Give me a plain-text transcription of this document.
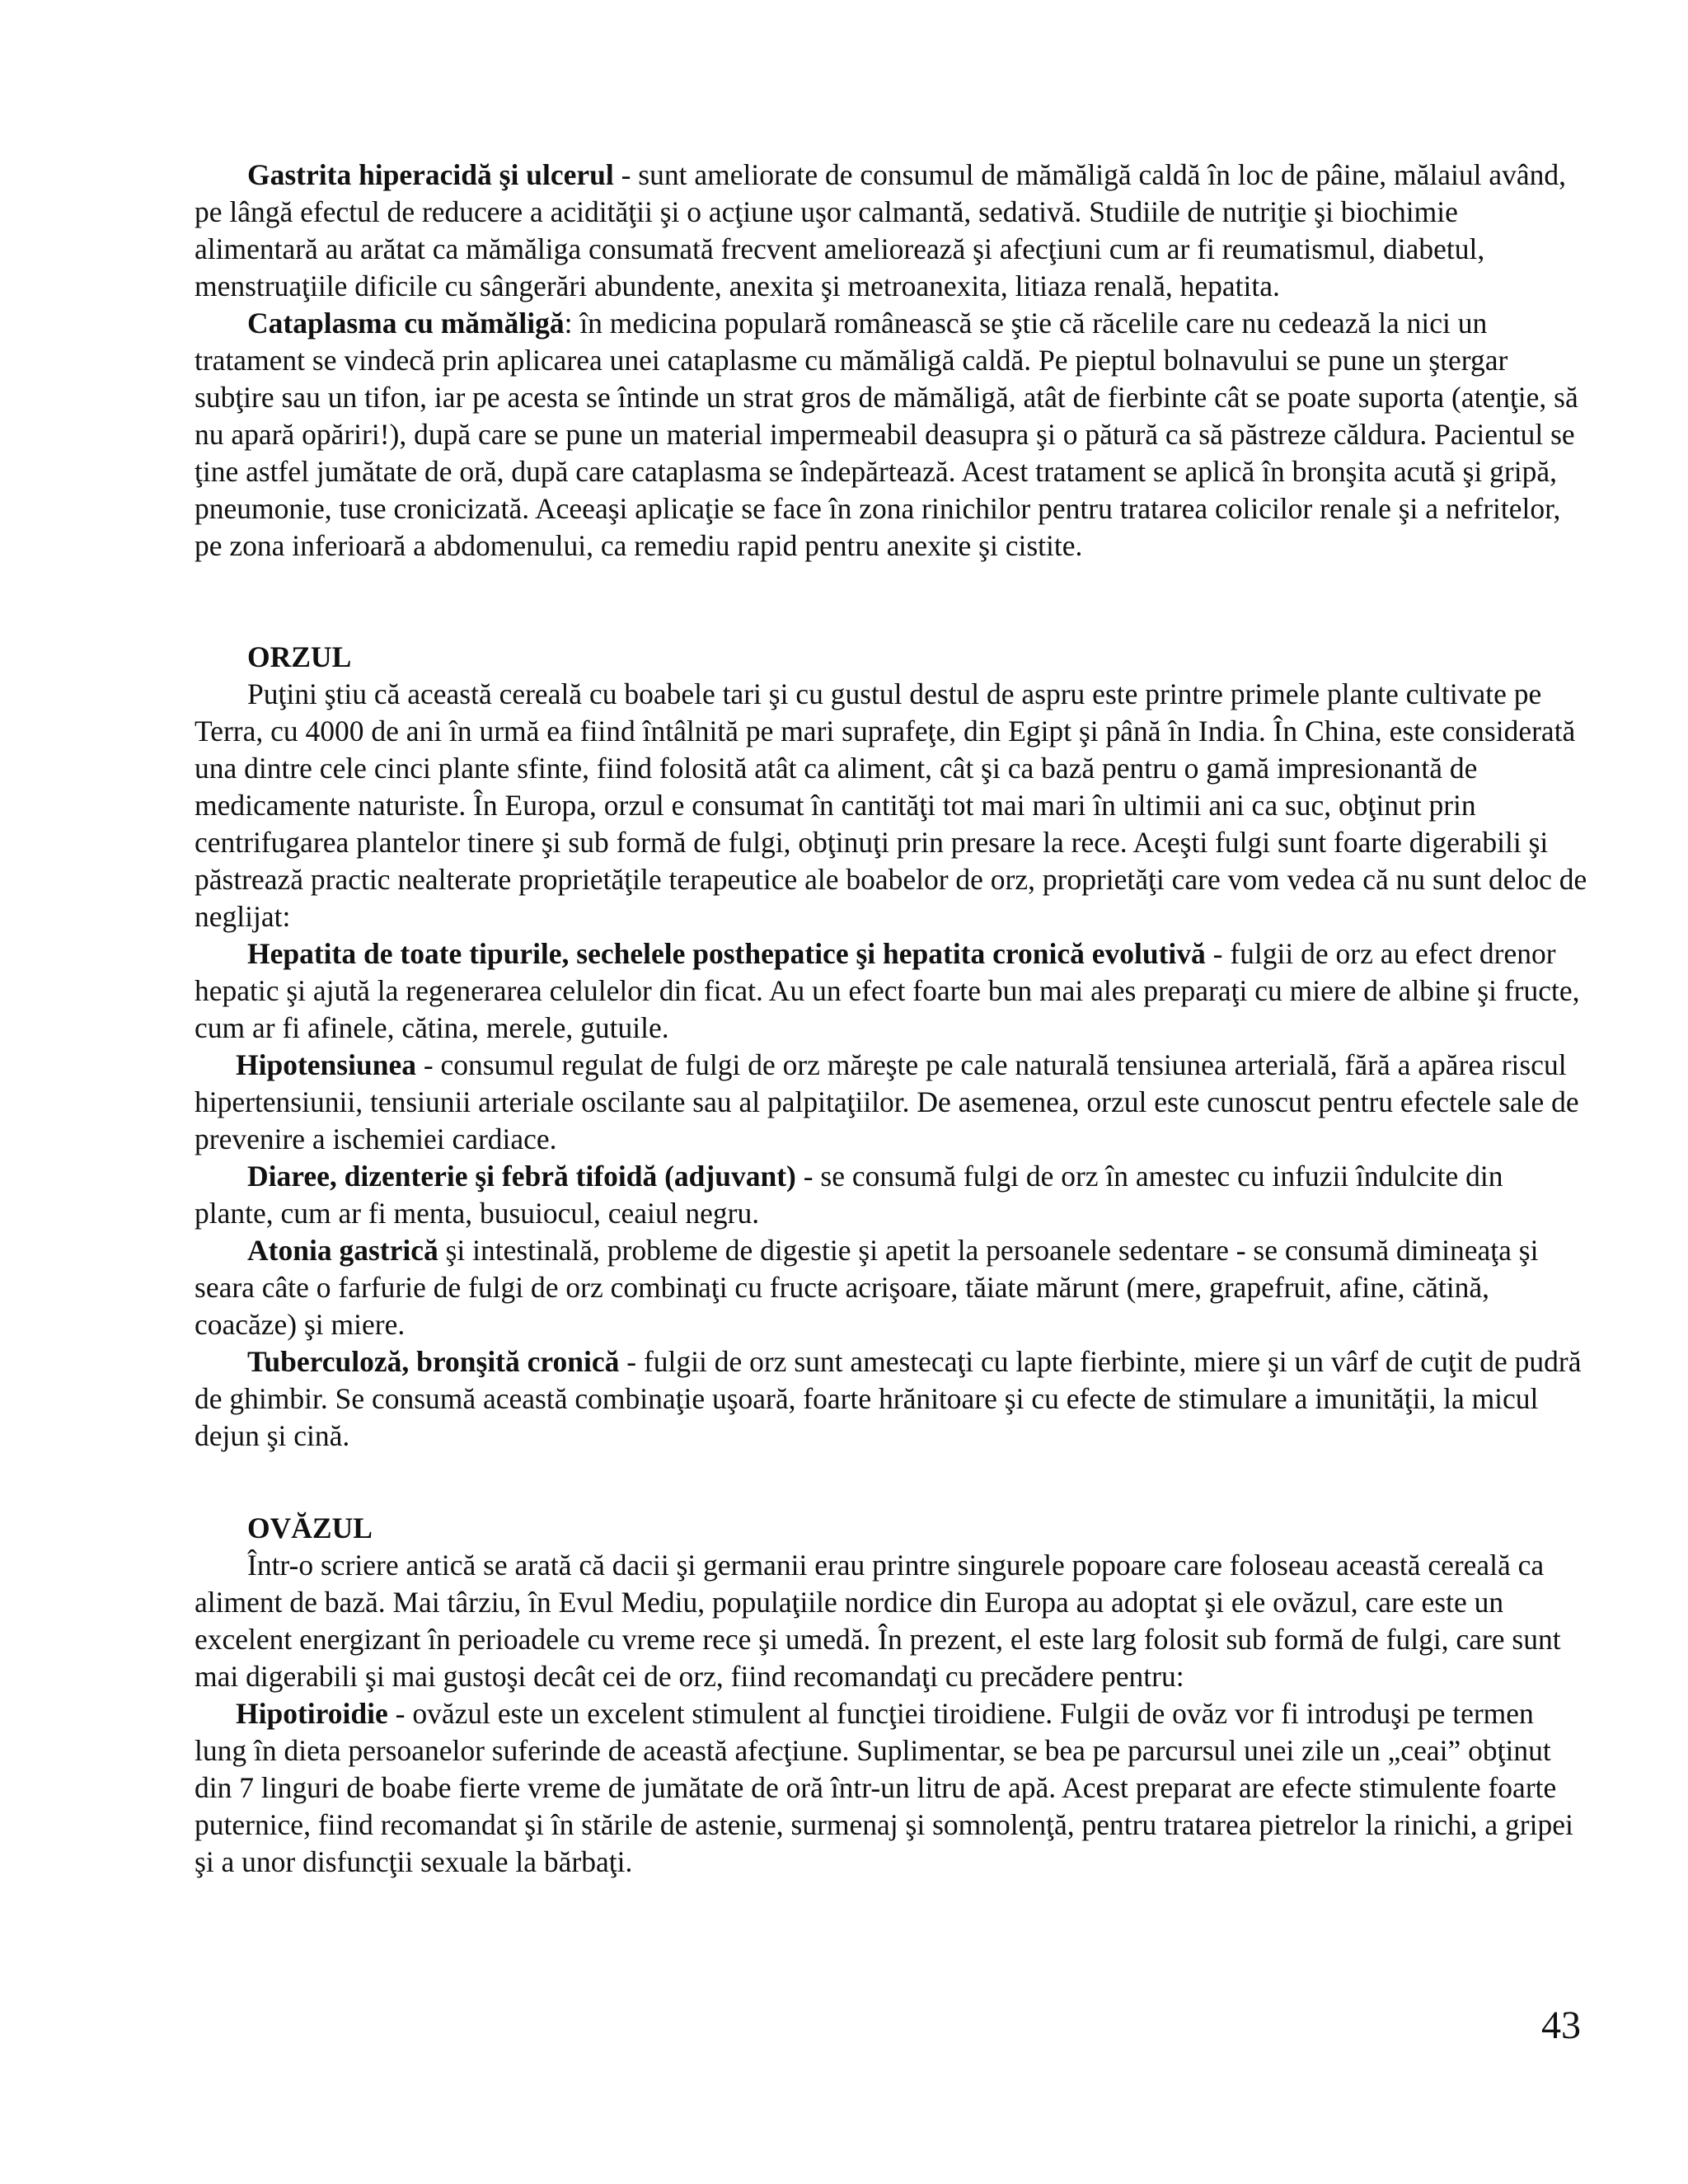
Gastrita hiperacidă şi ulcerul - sunt ameliorate de consumul de mămăligă caldă în loc de pâine, mălaiul având, pe lângă efectul de reducere a acidităţii şi o acţiune uşor calmantă, sedativă. Studiile de nutriţie şi biochimie alimentară au arătat ca mămăliga consumată frecvent ameliorează şi afecţiuni cum ar fi reumatismul, diabetul, menstruaţiile dificile cu sângerări abundente, anexita şi metroanexita, litiaza renală, hepatita.

Cataplasma cu mămăligă: în medicina populară românească se ştie că răcelile care nu cedează la nici un tratament se vindecă prin aplicarea unei cataplasme cu mămăligă caldă. Pe pieptul bolnavului se pune un ştergar subţire sau un tifon, iar pe acesta se întinde un strat gros de mămăligă, atât de fierbinte cât se poate suporta (atenţie, să nu apară opăriri!), după care se pune un material impermeabil deasupra şi o pătură ca să păstreze căldura. Pacientul se ţine astfel jumătate de oră, după care cataplasma se îndepărtează. Acest tratament se aplică în bronşita acută şi gripă, pneumonie, tuse cronicizată. Aceeaşi aplicaţie se face în zona rinichilor pentru tratarea colicilor renale şi a nefritelor, pe zona inferioară a abdomenului, ca remediu rapid pentru anexite şi cistite.

ORZUL

Puţini ştiu că această cereală cu boabele tari şi cu gustul destul de aspru este printre primele plante cultivate pe Terra, cu 4000 de ani în urmă ea fiind întâlnită pe mari suprafeţe, din Egipt şi până în India. În China, este considerată una dintre cele cinci plante sfinte, fiind folosită atât ca aliment, cât şi ca bază pentru o gamă impresionantă de medicamente naturiste. În Europa, orzul e consumat în cantităţi tot mai mari în ultimii ani ca suc, obţinut prin centrifugarea plantelor tinere şi sub formă de fulgi, obţinuţi prin presare la rece. Aceşti fulgi sunt foarte digerabili şi păstrează practic nealterate proprietăţile terapeutice ale boabelor de orz, proprietăţi care vom vedea că nu sunt deloc de neglijat:

Hepatita de toate tipurile, sechelele posthepatice şi hepatita cronică evolutivă - fulgii de orz au efect drenor hepatic şi ajută la regenerarea celulelor din ficat. Au un efect foarte bun mai ales preparaţi cu miere de albine şi fructe, cum ar fi afinele, cătina, merele, gutuile.

Hipotensiunea - consumul regulat de fulgi de orz măreşte pe cale naturală tensiunea arterială, fără a apărea riscul hipertensiunii, tensiunii arteriale oscilante sau al palpitaţiilor. De asemenea, orzul este cunoscut pentru efectele sale de prevenire a ischemiei cardiace.

Diaree, dizenterie şi febră tifoidă (adjuvant) - se consumă fulgi de orz în amestec cu infuzii îndulcite din plante, cum ar fi menta, busuiocul, ceaiul negru.

Atonia gastrică şi intestinală, probleme de digestie şi apetit la persoanele sedentare - se consumă dimineaţa şi seara câte o farfurie de fulgi de orz combinaţi cu fructe acrişoare, tăiate mărunt (mere, grapefruit, afine, cătină, coacăze) şi miere.

Tuberculoză, bronşită cronică - fulgii de orz sunt amestecaţi cu lapte fierbinte, miere şi un vârf de cuţit de pudră de ghimbir. Se consumă această combinaţie uşoară, foarte hrănitoare şi cu efecte de stimulare a imunităţii, la micul dejun şi cină.

OVĂZUL

Într-o scriere antică se arată că dacii şi germanii erau printre singurele popoare care foloseau această cereală ca aliment de bază. Mai târziu, în Evul Mediu, populaţiile nordice din Europa au adoptat şi ele ovăzul, care este un excelent energizant în perioadele cu vreme rece şi umedă. În prezent, el este larg folosit sub formă de fulgi, care sunt mai digerabili şi mai gustoşi decât cei de orz, fiind recomandaţi cu precădere pentru:

Hipotiroidie - ovăzul este un excelent stimulent al funcţiei tiroidiene. Fulgii de ovăz vor fi introduşi pe termen lung în dieta persoanelor suferinde de această afecţiune. Suplimentar, se bea pe parcursul unei zile un „ceai” obţinut din 7 linguri de boabe fierte vreme de jumătate de oră într-un litru de apă. Acest preparat are efecte stimulente foarte puternice, fiind recomandat şi în stările de astenie, surmenaj şi somnolenţă, pentru tratarea pietrelor la rinichi, a gripei şi a unor disfuncţii sexuale la bărbaţi.

43
